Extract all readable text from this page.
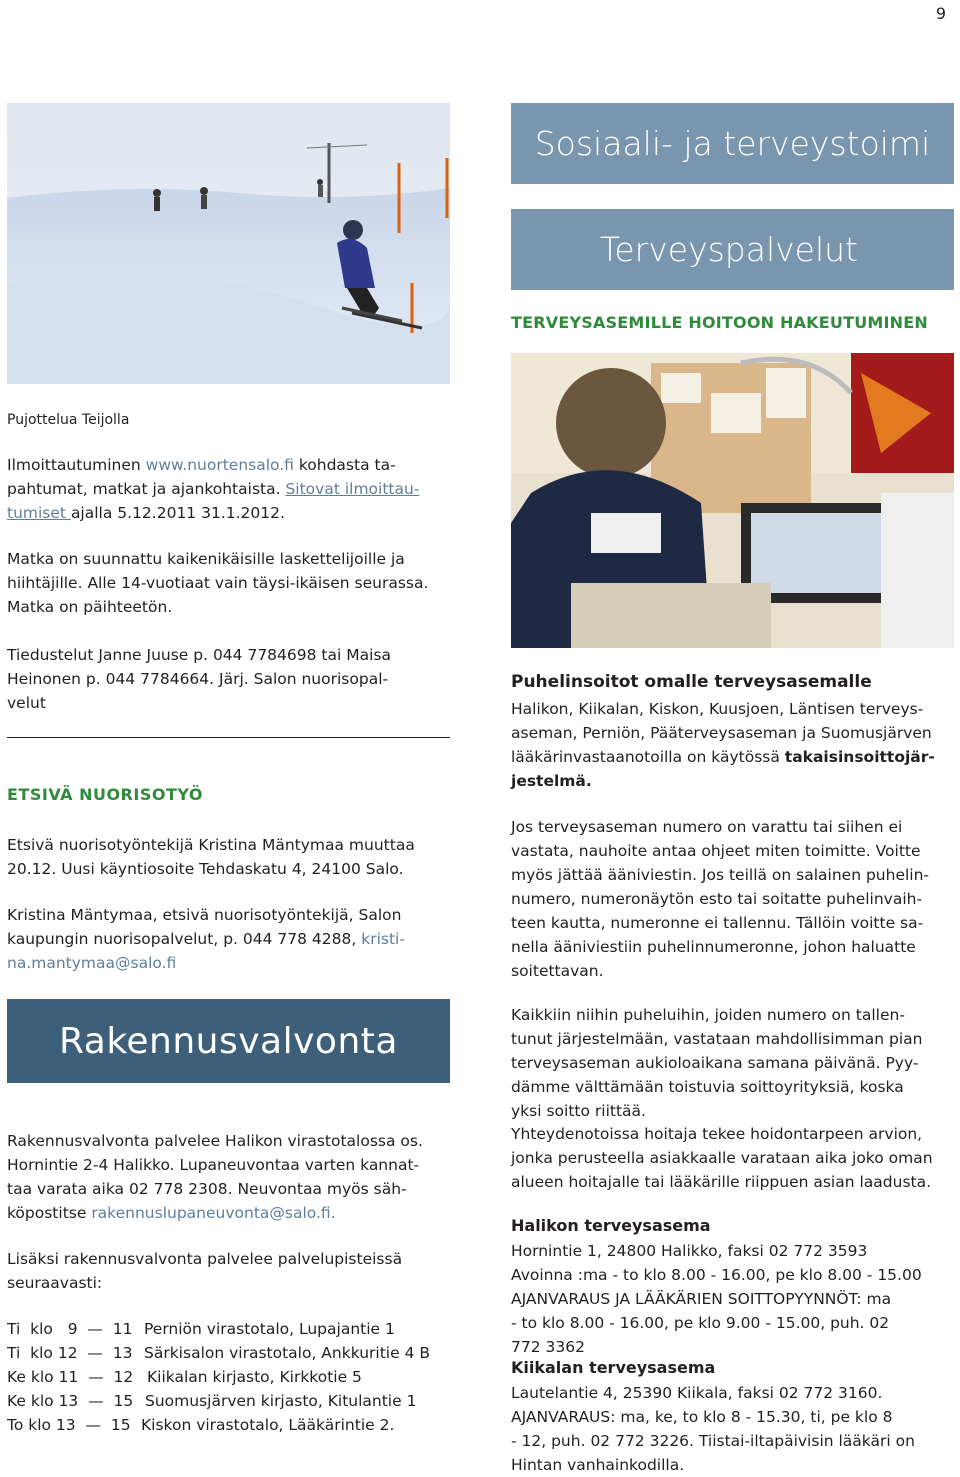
9
Pujottelua Teijolla
Ilmoittautuminen www.nuortensalo.fi kohdasta ta-
pahtumat, matkat ja ajankohtaista. Sitovat ilmoittau-
tumiset ajalla 5.12.2011 31.1.2012.
Matka on suunnattu kaikenikäisille laskettelijoille ja
hiihtäjille. Alle 14-vuotiaat vain täysi-ikäisen seurassa.
Matka on päihteetön.
Tiedustelut Janne Juuse p. 044 7784698 tai Maisa
Heinonen p. 044 7784664. Järj. Salon nuorisopal-
velut
ETSIVÄ NUORISOTYÖ
Etsivä nuorisotyöntekijä Kristina Mäntymaa muuttaa
20.12. Uusi käyntiosoite Tehdaskatu 4, 24100 Salo.
Kristina Mäntymaa, etsivä nuorisotyöntekijä, Salon
kaupungin nuorisopalvelut, p. 044 778 4288, kristi-
na.mantymaa@salo.fi
Rakennusvalvonta
Rakennusvalvonta palvelee Halikon virastotalossa os.
Hornintie 2-4 Halikko. Lupaneuvontaa varten kannat-
taa varata aika 02 778 2308. Neuvontaa myös säh-
köpostitse rakennuslupaneuvonta@salo.fi.
Lisäksi rakennusvalvonta palvelee palvelupisteissä
seuraavasti:
Ti  klo   9  —  11 Perniön virastotalo, Lupajantie 1
Ti  klo 12  —  13 Särkisalon virastotalo, Ankkuritie 4 B
Ke klo 11  —  12 Kiikalan kirjasto, Kirkkotie 5
Ke klo 13  —  15 Suomusjärven kirjasto, Kitulantie 1
To klo 13  —  15 Kiskon virastotalo, Lääkärintie 2.
Sosiaali- ja terveystoimi
Terveyspalvelut
TERVEYSASEMILLE HOITOON HAKEUTUMINEN
Puhelinsoitot omalle terveysasemalle
Halikon, Kiikalan, Kiskon, Kuusjoen, Läntisen terveys-
aseman, Perniön, Pääterveysaseman ja Suomusjärven
lääkärinvastaanotoilla on käytössä takaisinsoittojär-
jestelmä.
Jos terveysaseman numero on varattu tai siihen ei
vastata, nauhoite antaa ohjeet miten toimitte. Voitte
myös jättää ääniviestin. Jos teillä on salainen puhelin-
numero, numeronäytön esto tai soitatte puhelinvaih-
teen kautta, numeronne ei tallennu. Tällöin voitte sa-
nella ääniviestiin puhelinnumeronne, johon haluatte
soitettavan.
Kaikkiin niihin puheluihin, joiden numero on tallen-
tunut järjestelmään, vastataan mahdollisimman pian
terveysaseman aukioloaikana samana päivänä. Pyy-
dämme välttämään toistuvia soittoyrityksiä, koska
yksi soitto riittää.
Yhteydenotoissa hoitaja tekee hoidontarpeen arvion,
jonka perusteella asiakkaalle varataan aika joko oman
alueen hoitajalle tai lääkärille riippuen asian laadusta.
Halikon terveysasema
Hornintie 1, 24800 Halikko, faksi 02 772 3593
Avoinna :ma - to klo 8.00 - 16.00, pe klo 8.00 - 15.00
AJANVARAUS JA LÄÄKÄRIEN SOITTOPYYNNÖT: ma
- to klo 8.00 - 16.00, pe klo 9.00 - 15.00, puh. 02
772 3362
Kiikalan terveysasema
Lautelantie 4, 25390 Kiikala, faksi 02 772 3160.
AJANVARAUS: ma, ke, to klo 8 - 15.30, ti, pe klo 8
- 12, puh. 02 772 3226. Tiistai-iltapäivisin lääkäri on
Hintan vanhainkodilla.
